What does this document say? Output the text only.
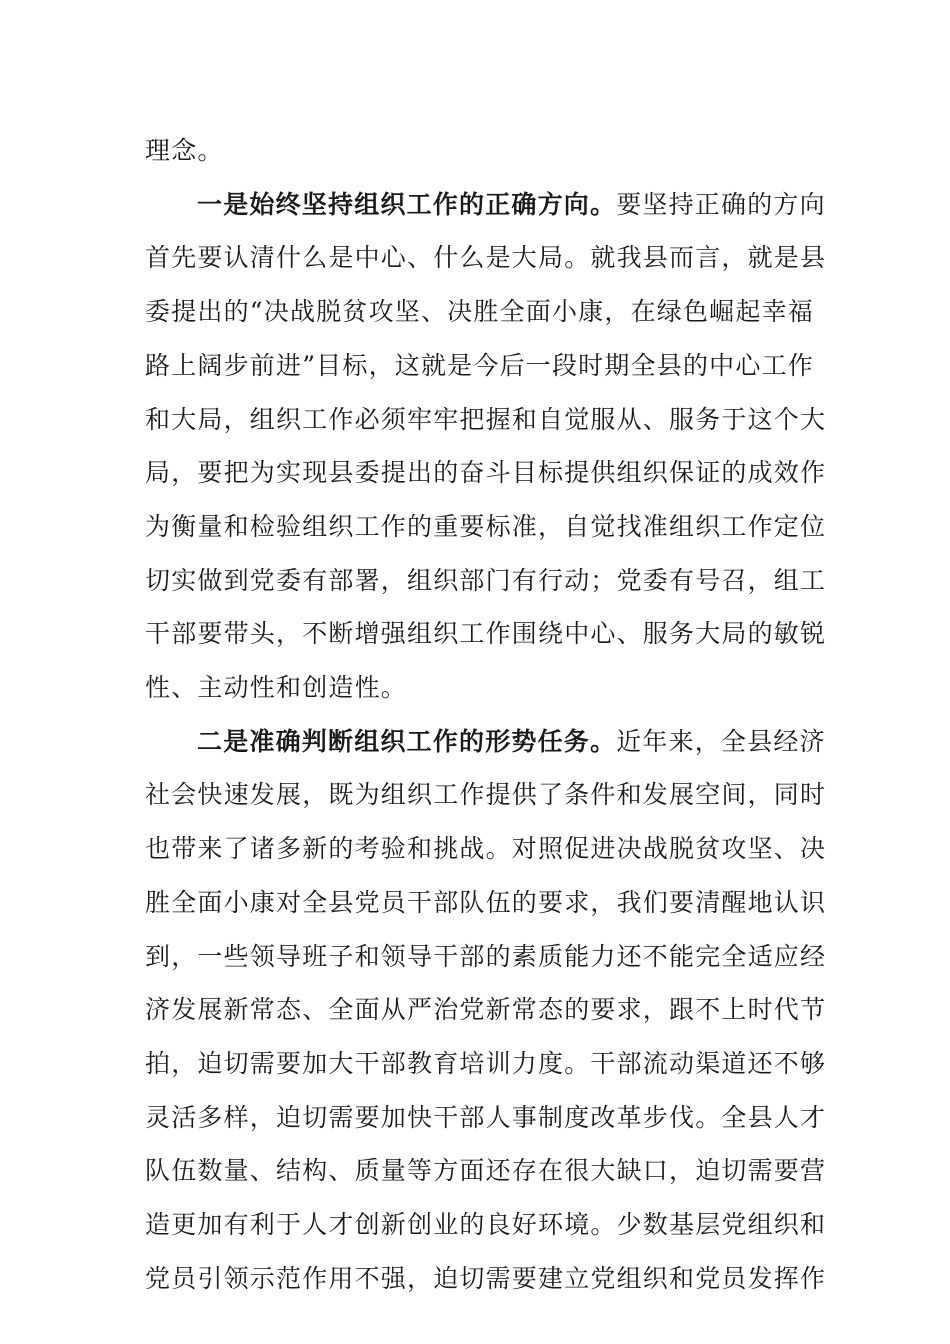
理念。

一是始终坚持组织工作的正确方向。要坚持正确的方向
首先要认清什么是中心、什么是大局。就我县而言，就是县
委提出的“决战脱贫攻坚、决胜全面小康，在绿色崛起幸福
路上阔步前进”目标，这就是今后一段时期全县的中心工作
和大局，组织工作必须牢牢把握和自觉服从、服务于这个大
局，要把为实现县委提出的奋斗目标提供组织保证的成效作
为衡量和检验组织工作的重要标准，自觉找准组织工作定位
切实做到党委有部署，组织部门有行动；党委有号召，组工
干部要带头，不断增强组织工作围绕中心、服务大局的敏锐
性、主动性和创造性。

二是准确判断组织工作的形势任务。近年来，全县经济
社会快速发展，既为组织工作提供了条件和发展空间，同时
也带来了诸多新的考验和挑战。对照促进决战脱贫攻坚、决
胜全面小康对全县党员干部队伍的要求，我们要清醒地认识
到，一些领导班子和领导干部的素质能力还不能完全适应经
济发展新常态、全面从严治党新常态的要求，跟不上时代节
拍，迫切需要加大干部教育培训力度。干部流动渠道还不够
灵活多样，迫切需要加快干部人事制度改革步伐。全县人才
队伍数量、结构、质量等方面还存在很大缺口，迫切需要营
造更加有利于人才创新创业的良好环境。少数基层党组织和
党员引领示范作用不强，迫切需要建立党组织和党员发挥作
